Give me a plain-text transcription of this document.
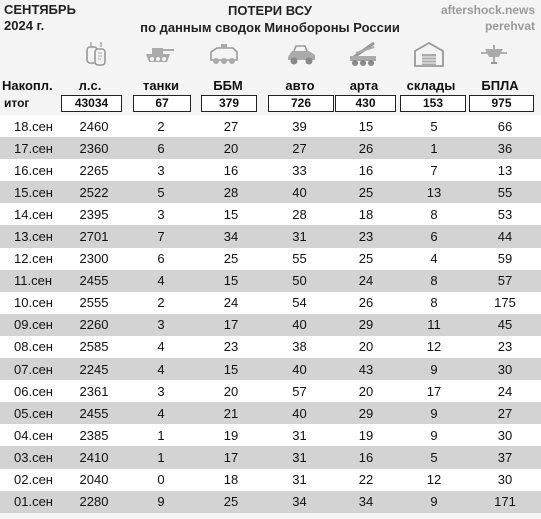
СЕНТЯБРЬ
2024 г.
ПОТЕРИ ВСУ
по данным сводок Минобороны России
aftershock.news
perehvat
Накопл.	л.с.	танки	ББМ	авто	арта	склады	БПЛА
итог	43034	67	379	726	430	153	975
18.сен	2460	2	27	39	15	5	66
17.сен	2360	6	20	27	26	1	36
16.сен	2265	3	16	33	16	7	13
15.сен	2522	5	28	40	25	13	55
14.сен	2395	3	15	28	18	8	53
13.сен	2701	7	34	31	23	6	44
12.сен	2300	6	25	55	25	4	59
11.сен	2455	4	15	50	24	8	57
10.сен	2555	2	24	54	26	8	175
09.сен	2260	3	17	40	29	11	45
08.сен	2585	4	23	38	20	12	23
07.сен	2245	4	15	40	43	9	30
06.сен	2361	3	20	57	20	17	24
05.сен	2455	4	21	40	29	9	27
04.сен	2385	1	19	31	19	9	30
03.сен	2410	1	17	31	16	5	37
02.сен	2040	0	18	31	22	12	30
01.сен	2280	9	25	34	34	9	171
